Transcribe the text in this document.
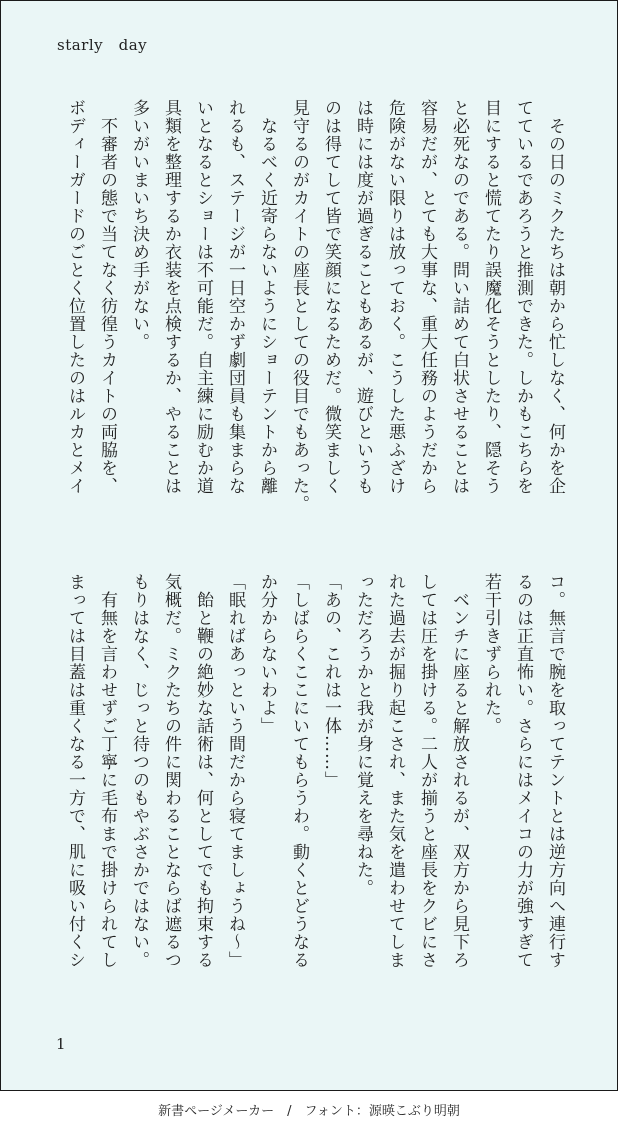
starly　day
　その日のミクたちは朝から忙しなく、何かを企
てているであろうと推測できた。しかもこちらを
目にすると慌てたり誤魔化そうとしたり、隠そう
と必死なのである。問い詰めて白状させることは
容易だが、とても大事な、重大任務のようだから
危険がない限りは放っておく。こうした悪ふざけ
は時には度が過ぎることもあるが、遊びというも
のは得てして皆で笑顔になるためだ。微笑ましく
見守るのがカイトの座長としての役目でもあった。
　なるべく近寄らないようにショーテントから離
れるも、ステージが一日空かず劇団員も集まらな
いとなるとショーは不可能だ。自主練に励むか道
具類を整理するか衣装を点検するか、やることは
多いがいまいち決め手がない。
　不審者の態で当てなく彷徨うカイトの両脇を、
ボディーガードのごとく位置したのはルカとメイ
コ。無言で腕を取ってテントとは逆方向へ連行す
るのは正直怖い。さらにはメイコの力が強すぎて
若干引きずられた。
　ベンチに座ると解放されるが、双方から見下ろ
しては圧を掛ける。二人が揃うと座長をクビにさ
れた過去が掘り起こされ、また気を遣わせてしま
っただろうかと我が身に覚えを尋ねた。
「あの、これは一体……」
「しばらくここにいてもらうわ。動くとどうなる
か分からないわよ」
「眠ればあっという間だから寝てましょうね～」
　飴と鞭の絶妙な話術は、何としてでも拘束する
気概だ。ミクたちの件に関わることならば遮るつ
もりはなく、じっと待つのもやぶさかではない。
　有無を言わせずご丁寧に毛布まで掛けられてし
まっては目蓋は重くなる一方で、肌に吸い付くシ
1
新書ページメーカー　/　フォント：源暎こぶり明朝
